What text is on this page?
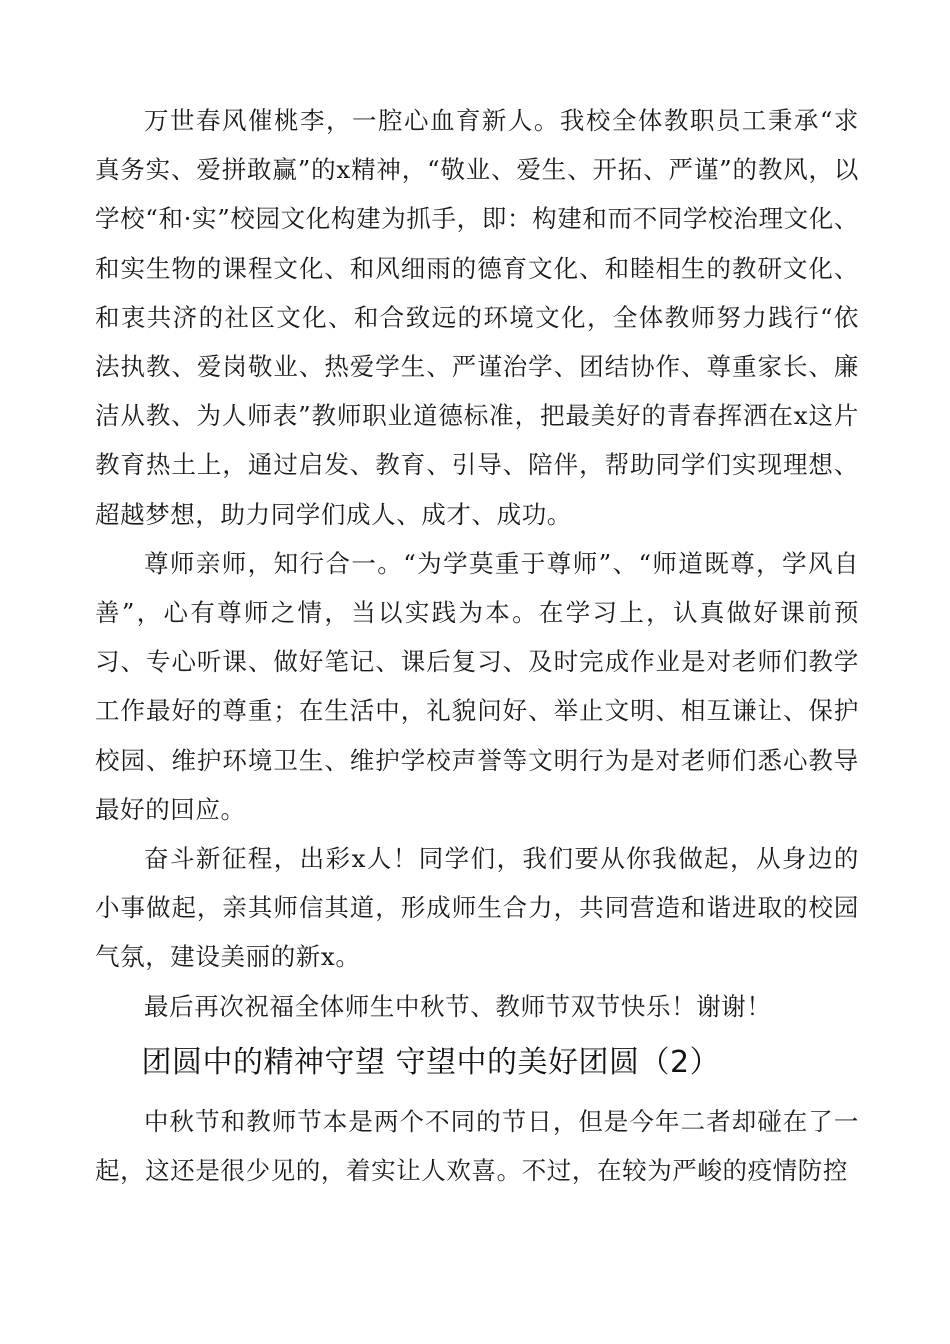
万世春风催桃李，一腔心血育新人。我校全体教职员工秉承“求真务实、爱拼敢赢”的x精神，“敬业、爱生、开拓、严谨”的教风，以学校“和·实”校园文化构建为抓手，即：构建和而不同学校治理文化、和实生物的课程文化、和风细雨的德育文化、和睦相生的教研文化、和衷共济的社区文化、和合致远的环境文化，全体教师努力践行“依法执教、爱岗敬业、热爱学生、严谨治学、团结协作、尊重家长、廉洁从教、为人师表”教师职业道德标准，把最美好的青春挥洒在x这片教育热土上，通过启发、教育、引导、陪伴，帮助同学们实现理想、超越梦想，助力同学们成人、成才、成功。

尊师亲师，知行合一。“为学莫重于尊师”、“师道既尊，学风自善”，心有尊师之情，当以实践为本。在学习上，认真做好课前预习、专心听课、做好笔记、课后复习、及时完成作业是对老师们教学工作最好的尊重；在生活中，礼貌问好、举止文明、相互谦让、保护校园、维护环境卫生、维护学校声誉等文明行为是对老师们悉心教导最好的回应。

奋斗新征程，出彩x人！同学们，我们要从你我做起，从身边的小事做起，亲其师信其道，形成师生合力，共同营造和谐进取的校园气氛，建设美丽的新x。

最后再次祝福全体师生中秋节、教师节双节快乐！谢谢！

团圆中的精神守望 守望中的美好团圆（2）

中秋节和教师节本是两个不同的节日，但是今年二者却碰在了一起，这还是很少见的，着实让人欢喜。不过，在较为严峻的疫情防控
